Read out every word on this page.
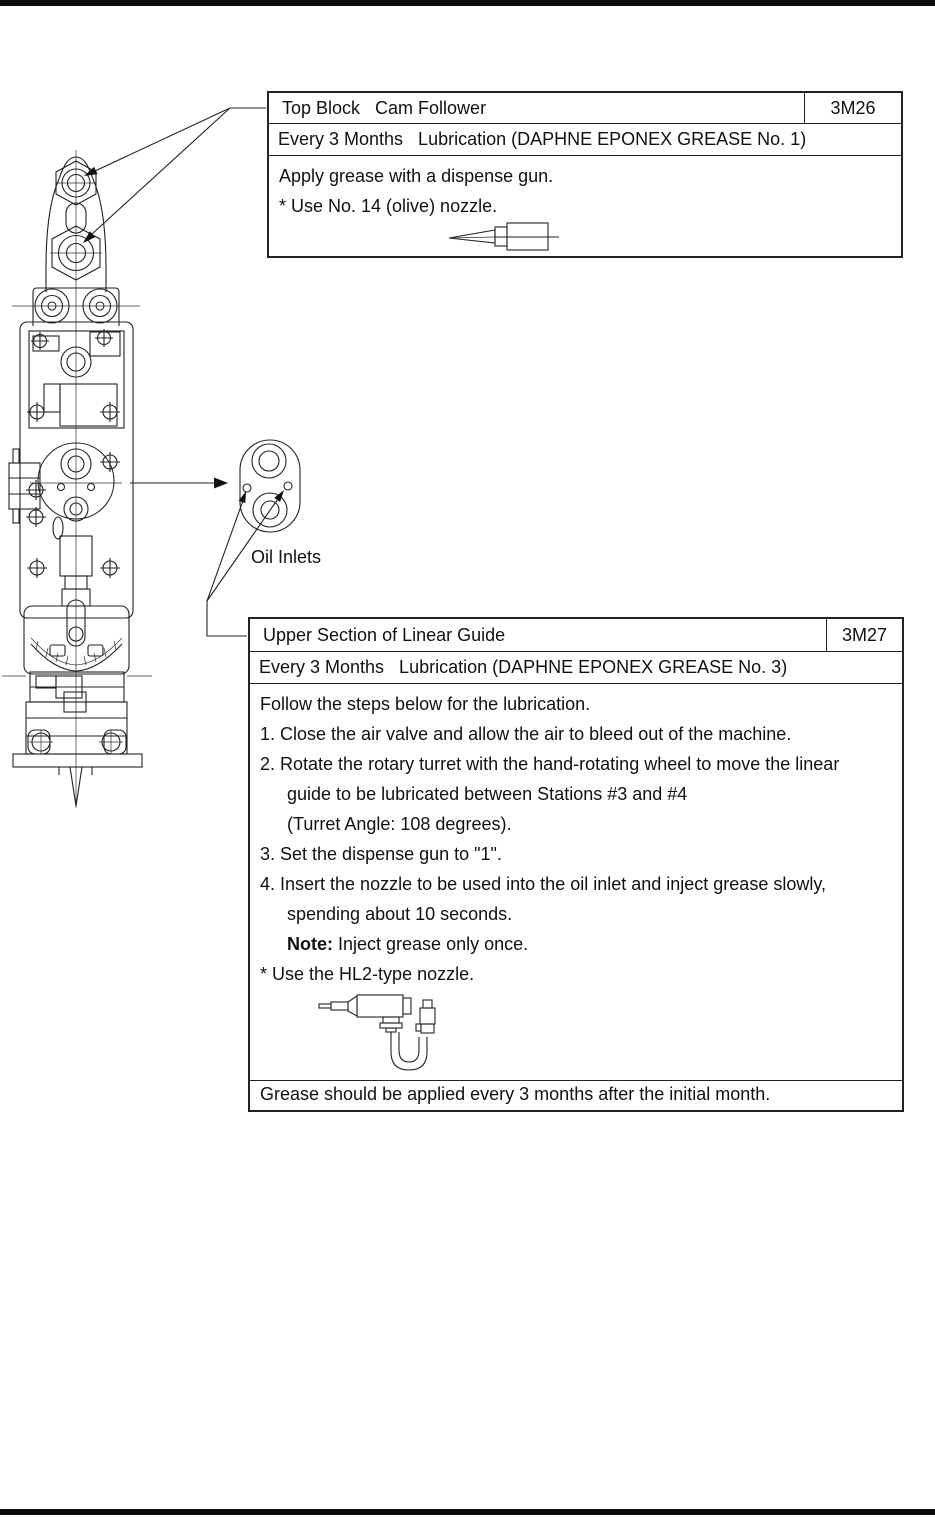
Oil Inlets
Top Block   Cam Follower	3M26
Every 3 Months   Lubrication (DAPHNE EPONEX GREASE No. 1)
Apply grease with a dispense gun.
* Use No. 14 (olive) nozzle.
Upper Section of Linear Guide	3M27
Every 3 Months   Lubrication (DAPHNE EPONEX GREASE No. 3)
Follow the steps below for the lubrication.
1. Close the air valve and allow the air to bleed out of the machine.
2. Rotate the rotary turret with the hand-rotating wheel to move the linear
guide to be lubricated between Stations #3 and #4
(Turret Angle: 108 degrees).
3. Set the dispense gun to "1".
4. Insert the nozzle to be used into the oil inlet and inject grease slowly,
spending about 10 seconds.
Note: Inject grease only once.
* Use the HL2-type nozzle.
Grease should be applied every 3 months after the initial month.
